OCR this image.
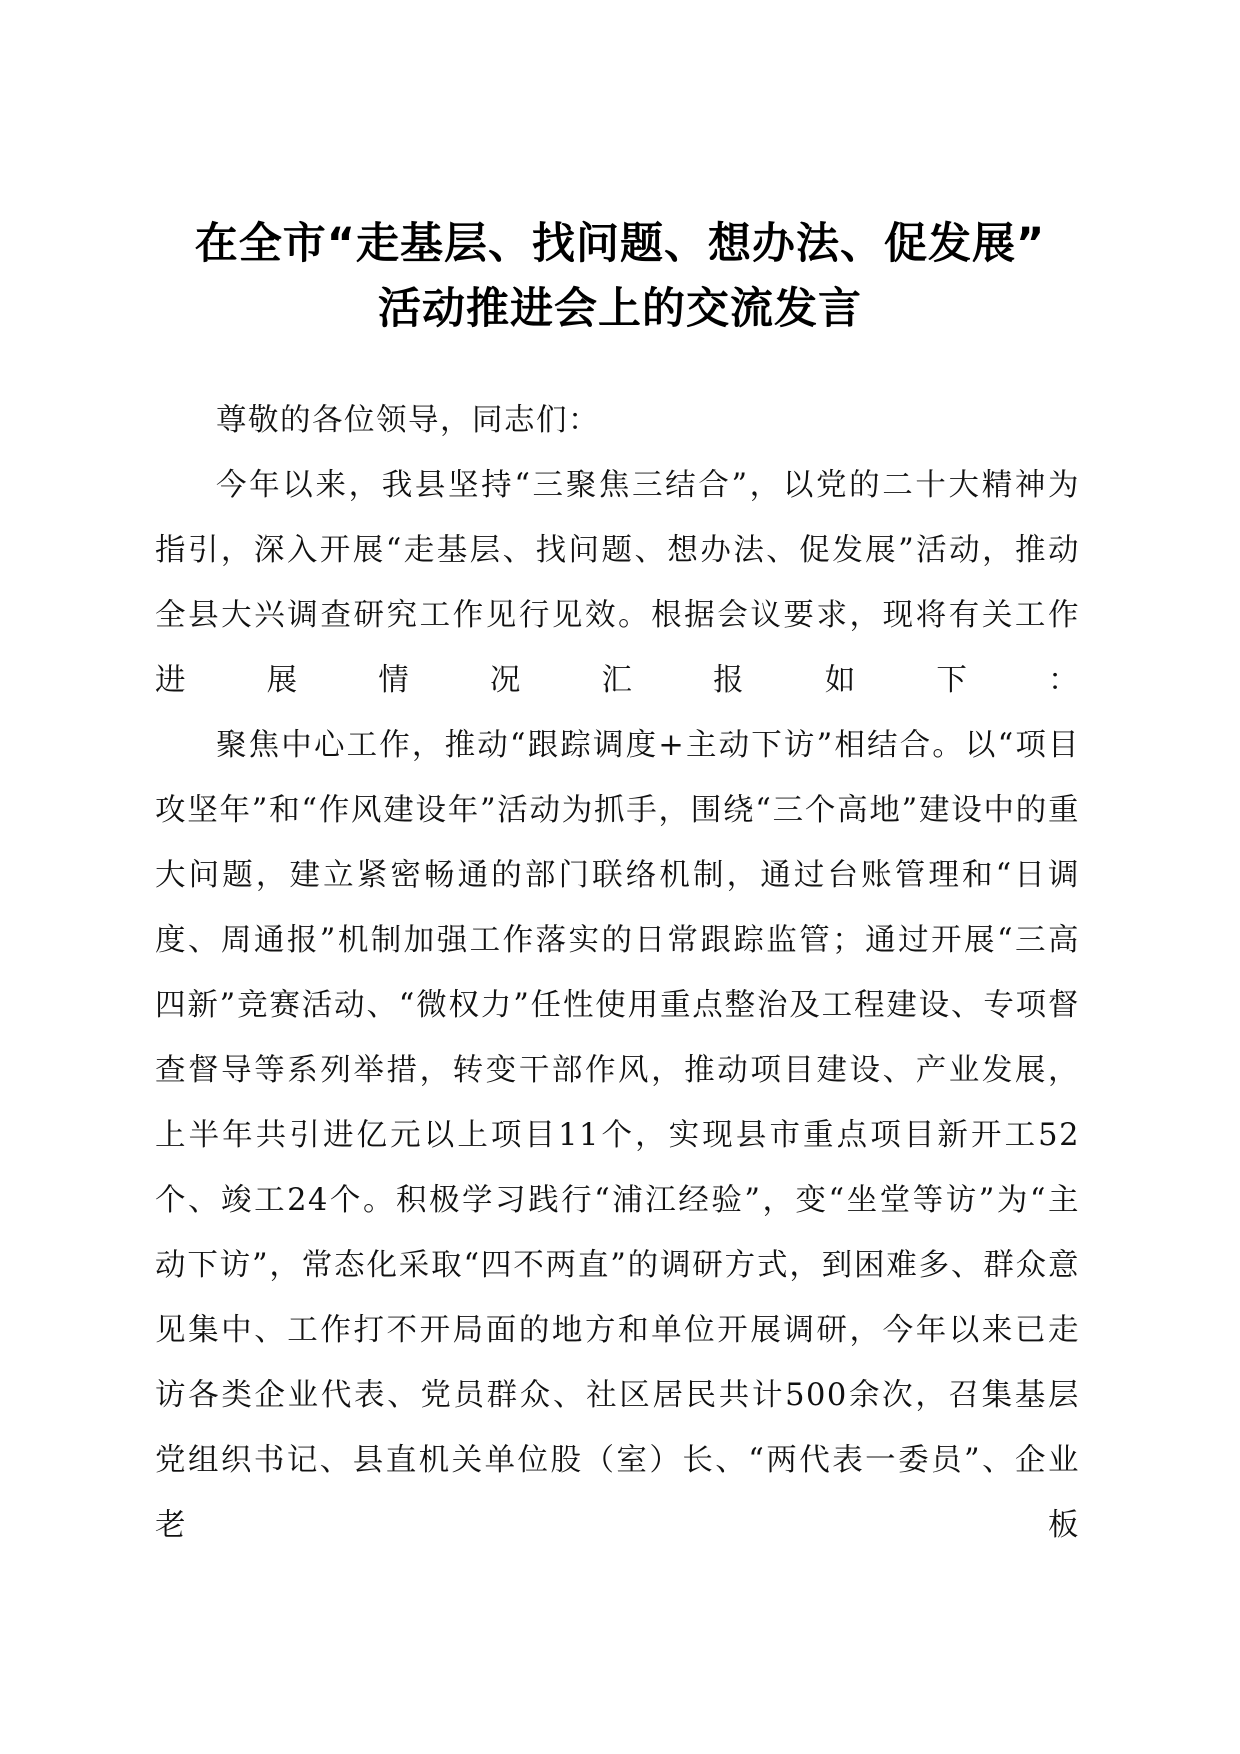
在全市“走基层、找问题、想办法、促发展”
活动推进会上的交流发言

尊敬的各位领导，同志们：

今年以来，我县坚持“三聚焦三结合”，以党的二十大精神为指引，深入开展“走基层、找问题、想办法、促发展”活动，推动全县大兴调查研究工作见行见效。根据会议要求，现将有关工作进展情况汇报如下：

聚焦中心工作，推动“跟踪调度+主动下访”相结合。以“项目攻坚年”和“作风建设年”活动为抓手，围绕“三个高地”建设中的重大问题，建立紧密畅通的部门联络机制，通过台账管理和“日调度、周通报”机制加强工作落实的日常跟踪监管；通过开展“三高四新”竞赛活动、“微权力”任性使用重点整治及工程建设、专项督查督导等系列举措，转变干部作风，推动项目建设、产业发展，上半年共引进亿元以上项目11个，实现县市重点项目新开工52个、竣工24个。积极学习践行“浦江经验”，变“坐堂等访”为“主动下访”，常态化采取“四不两直”的调研方式，到困难多、群众意见集中、工作打不开局面的地方和单位开展调研，今年以来已走访各类企业代表、党员群众、社区居民共计500余次，召集基层党组织书记、县直机关单位股（室）长、“两代表一委员”、企业老板
